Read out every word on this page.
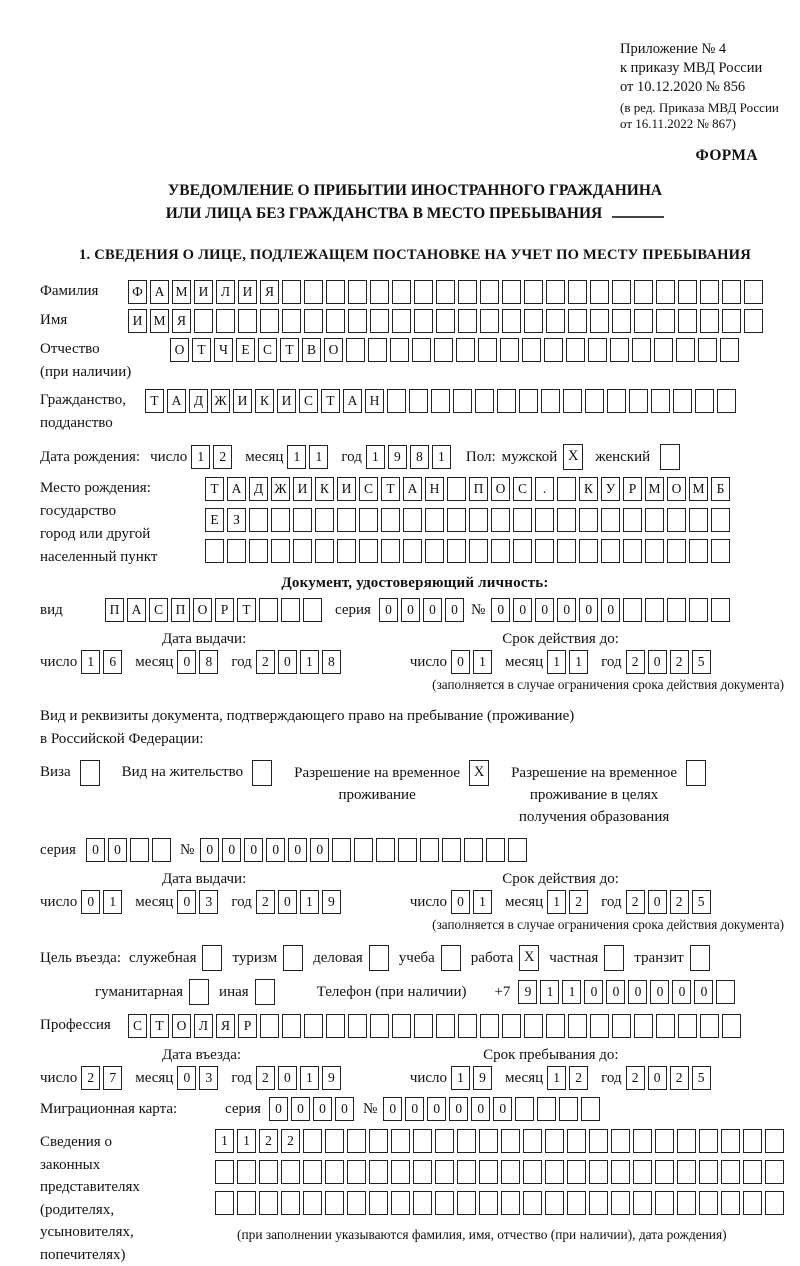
Приложение № 4
к приказу МВД России
от 10.12.2020 № 856
(в ред. Приказа МВД России
от 16.11.2022 № 867)
ФОРМА
УВЕДОМЛЕНИЕ О ПРИБЫТИИ ИНОСТРАННОГО ГРАЖДАНИНА
ИЛИ ЛИЦА БЕЗ ГРАЖДАНСТВА В МЕСТО ПРЕБЫВАНИЯ
1. СВЕДЕНИЯ О ЛИЦЕ, ПОДЛЕЖАЩЕМ ПОСТАНОВКЕ НА УЧЕТ ПО МЕСТУ ПРЕБЫВАНИЯ
Фамилия	Ф А М И Л И Я
Имя	И М Я
Отчество
(при наличии)
О Т Ч Е С Т В О
Гражданство,
подданство
Т А Д Ж И К И С Т А Н
Дата рождения: число 1 2	месяц 1 1	год 1 9 8 1	Пол: мужской X	женский
Место рождения:
государство
город или другой
населенный пункт
Т А Д Ж И К И С Т А Н	П О С .	К У Р М О М Б
Е З
Документ, удостоверяющий личность:
вид	П А С П О Р Т	серия	0 0 0 0 № 0 0 0 0 0 0
Дата выдачи:	Срок действия до:
число 1 6	месяц 0 8	год 2 0 1 8	число 0 1	месяц 1 1	год 2 0 2 5
(заполняется в случае ограничения срока действия документа)
Вид и реквизиты документа, подтверждающего право на пребывание (проживание)
в Российской Федерации:
Виза	Вид на жительство	Разрешение на временное
проживание
X	Разрешение на временное
проживание в целях
получения образования
серия	0 0	№ 0 0 0 0 0 0
Дата выдачи:	Срок действия до:
число 0 1	месяц 0 3	год 2 0 1 9	число 0 1	месяц 1 2	год 2 0 2 5
(заполняется в случае ограничения срока действия документа)
Цель въезда: служебная туризм деловая учеба работа X частная транзит
гуманитарная иная	Телефон (при наличии) +7	9 1 1 0 0 0 0 0 0
Профессия	С Т О Л Я Р
Дата въезда:	Срок пребывания до:
число 2 7	месяц 0 3	год 2 0 1 9	число 1 9	месяц 1 2	год 2 0 2 5
Миграционная карта:	серия	0 0 0 0	№ 0 0 0 0 0 0
Сведения о
законных
представителях
(родителях,
усыновителях,
попечителях)
1 1 2 2
(при заполнении указываются фамилия, имя, отчество (при наличии), дата рождения)
